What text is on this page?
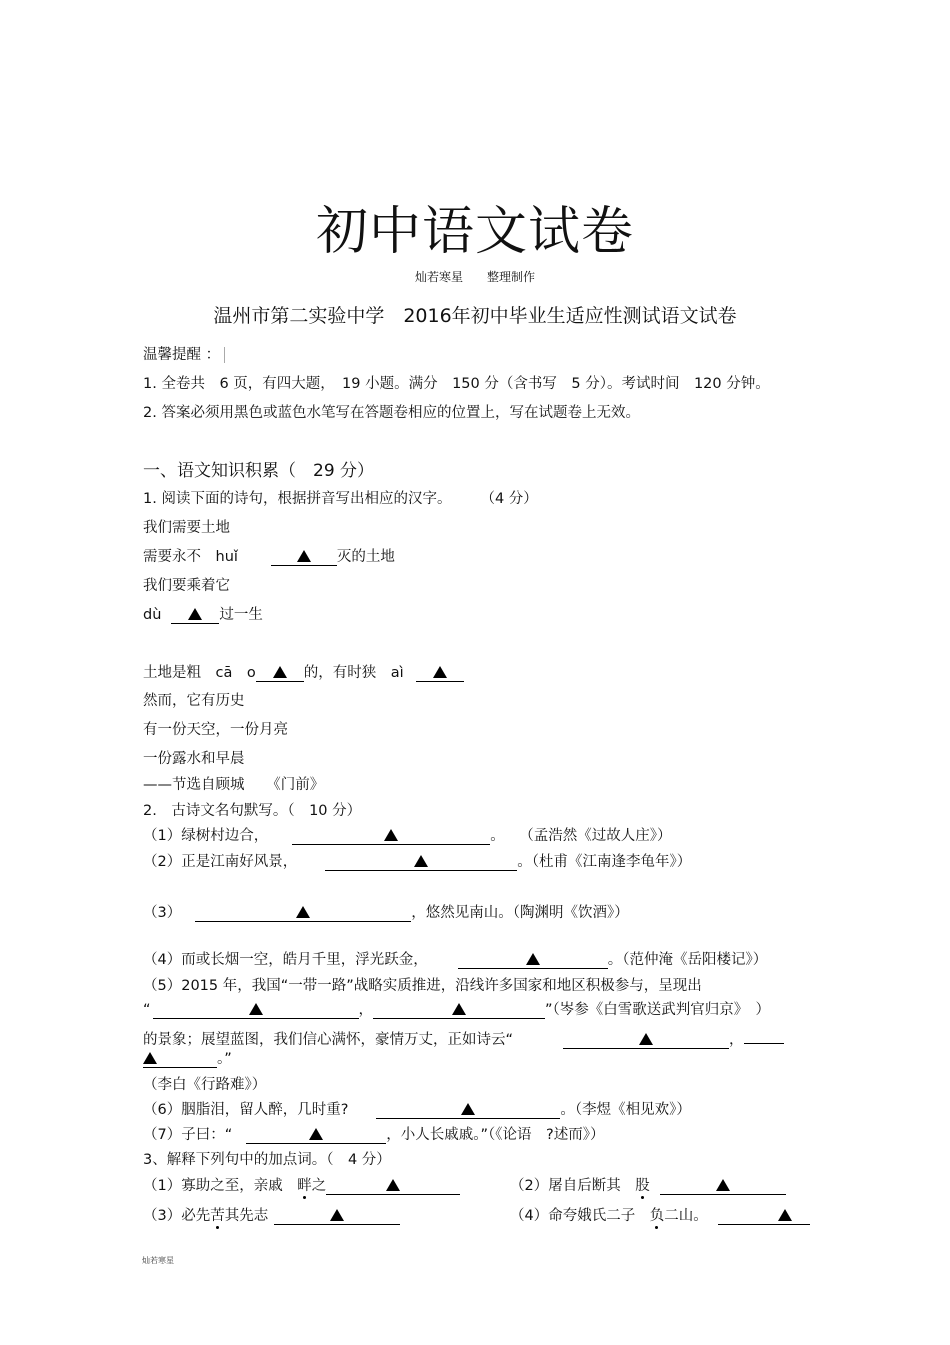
初中语文试卷
灿若寒星　　整理制作
温州市第二实验中学　2016年初中毕业生适应性测试语文试卷
温馨提醒 ：
1. 全卷共　6 页，有四大题，　19 小题。满分　150 分（含书写　5 分）。考试时间　120 分钟。
2. 答案必须用黑色或蓝色水笔写在答题卷相应的位置上，写在试题卷上无效。
一、语文知识积累（　29 分）
1. 阅读下面的诗句，根据拼音写出相应的汉字。　　　（4 分）
我们需要土地
需要永不　huǐ	灭的土地
我们要乘着它
dù	过一生
土地是粗　cā　o	的，有时狭　aì
然而，它有历史
有一份天空，一份月亮
一份露水和早晨
——节选自顾城　　《门前》
2.　古诗文名句默写。（　10 分）
（1）绿树村边合，	。　　（孟浩然《过故人庄》）
（2）正是江南好风景，	。（杜甫《江南逢李龟年》）
（3）	，悠然见南山。（陶渊明《饮酒》）
（4）而或长烟一空，皓月千里，浮光跃金，	。（范仲淹《岳阳楼记》）
（5）2015 年，我国“一带一路”战略实质推进，沿线许多国家和地区积极参与，呈现出
“	，	”（岑参《白雪歌送武判官归京》　）
的景象；展望蓝图，我们信心满怀，豪情万丈，正如诗云“	，
。”
（李白《行路难》）
（6）胭脂泪，留人醉，几时重?	。（李煜《相见欢》）
（7）子曰：“	，小人长戚戚。”（《论语　?述而》）
3、解释下列句中的加点词。（　4 分）
（1）寡助之至，亲戚　畔之	（2）屠自后断其　股
（3）必先苦其先志	（4）命夸娥氏二子　负二山。
灿若寒星
